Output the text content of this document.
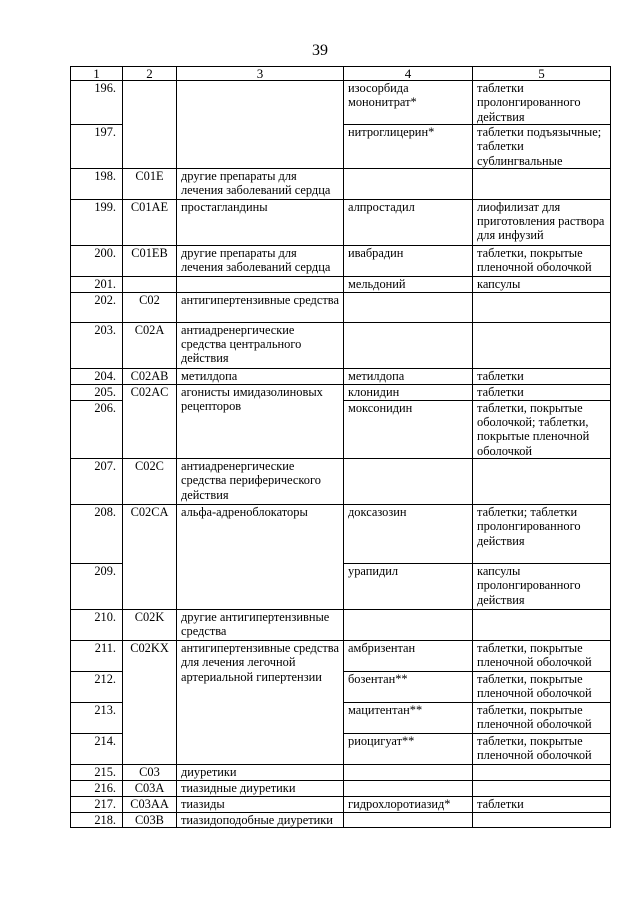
39
1	2	3	4	5
196.			изосорбида мононитрат*	таблетки пролонгированного действия
197.			нитроглицерин*	таблетки подъязычные; таблетки сублингвальные
198.	C01E	другие препараты для лечения заболеваний сердца		
199.	C01AE	простагландины	алпростадил	лиофилизат для приготовления раствора для инфузий
200.	C01EB	другие препараты для лечения заболеваний сердца	ивабрадин	таблетки, покрытые пленочной оболочкой
201.			мельдоний	капсулы
202.	C02	антигипертензивные средства		
203.	C02A	антиадренергические средства центрального действия		
204.	C02AB	метилдопа	метилдопа	таблетки
205.	C02AC	агонисты имидазолиновых рецепторов	клонидин	таблетки
206.			моксонидин	таблетки, покрытые оболочкой; таблетки, покрытые пленочной оболочкой
207.	C02C	антиадренергические средства периферического действия		
208.	C02CA	альфа-адреноблокаторы	доксазозин	таблетки; таблетки пролонгированного действия
209.			урапидил	капсулы пролонгированного действия
210.	C02K	другие антигипертензивные средства		
211.	C02KX	антигипертензивные средства для лечения легочной артериальной гипертензии	амбризентан	таблетки, покрытые пленочной оболочкой
212.			бозентан**	таблетки, покрытые пленочной оболочкой
213.			мацитентан**	таблетки, покрытые пленочной оболочкой
214.			риоцигуат**	таблетки, покрытые пленочной оболочкой
215.	C03	диуретики		
216.	C03A	тиазидные диуретики		
217.	C03AA	тиазиды	гидрохлоротиазид*	таблетки
218.	C03B	тиазидоподобные диуретики		
